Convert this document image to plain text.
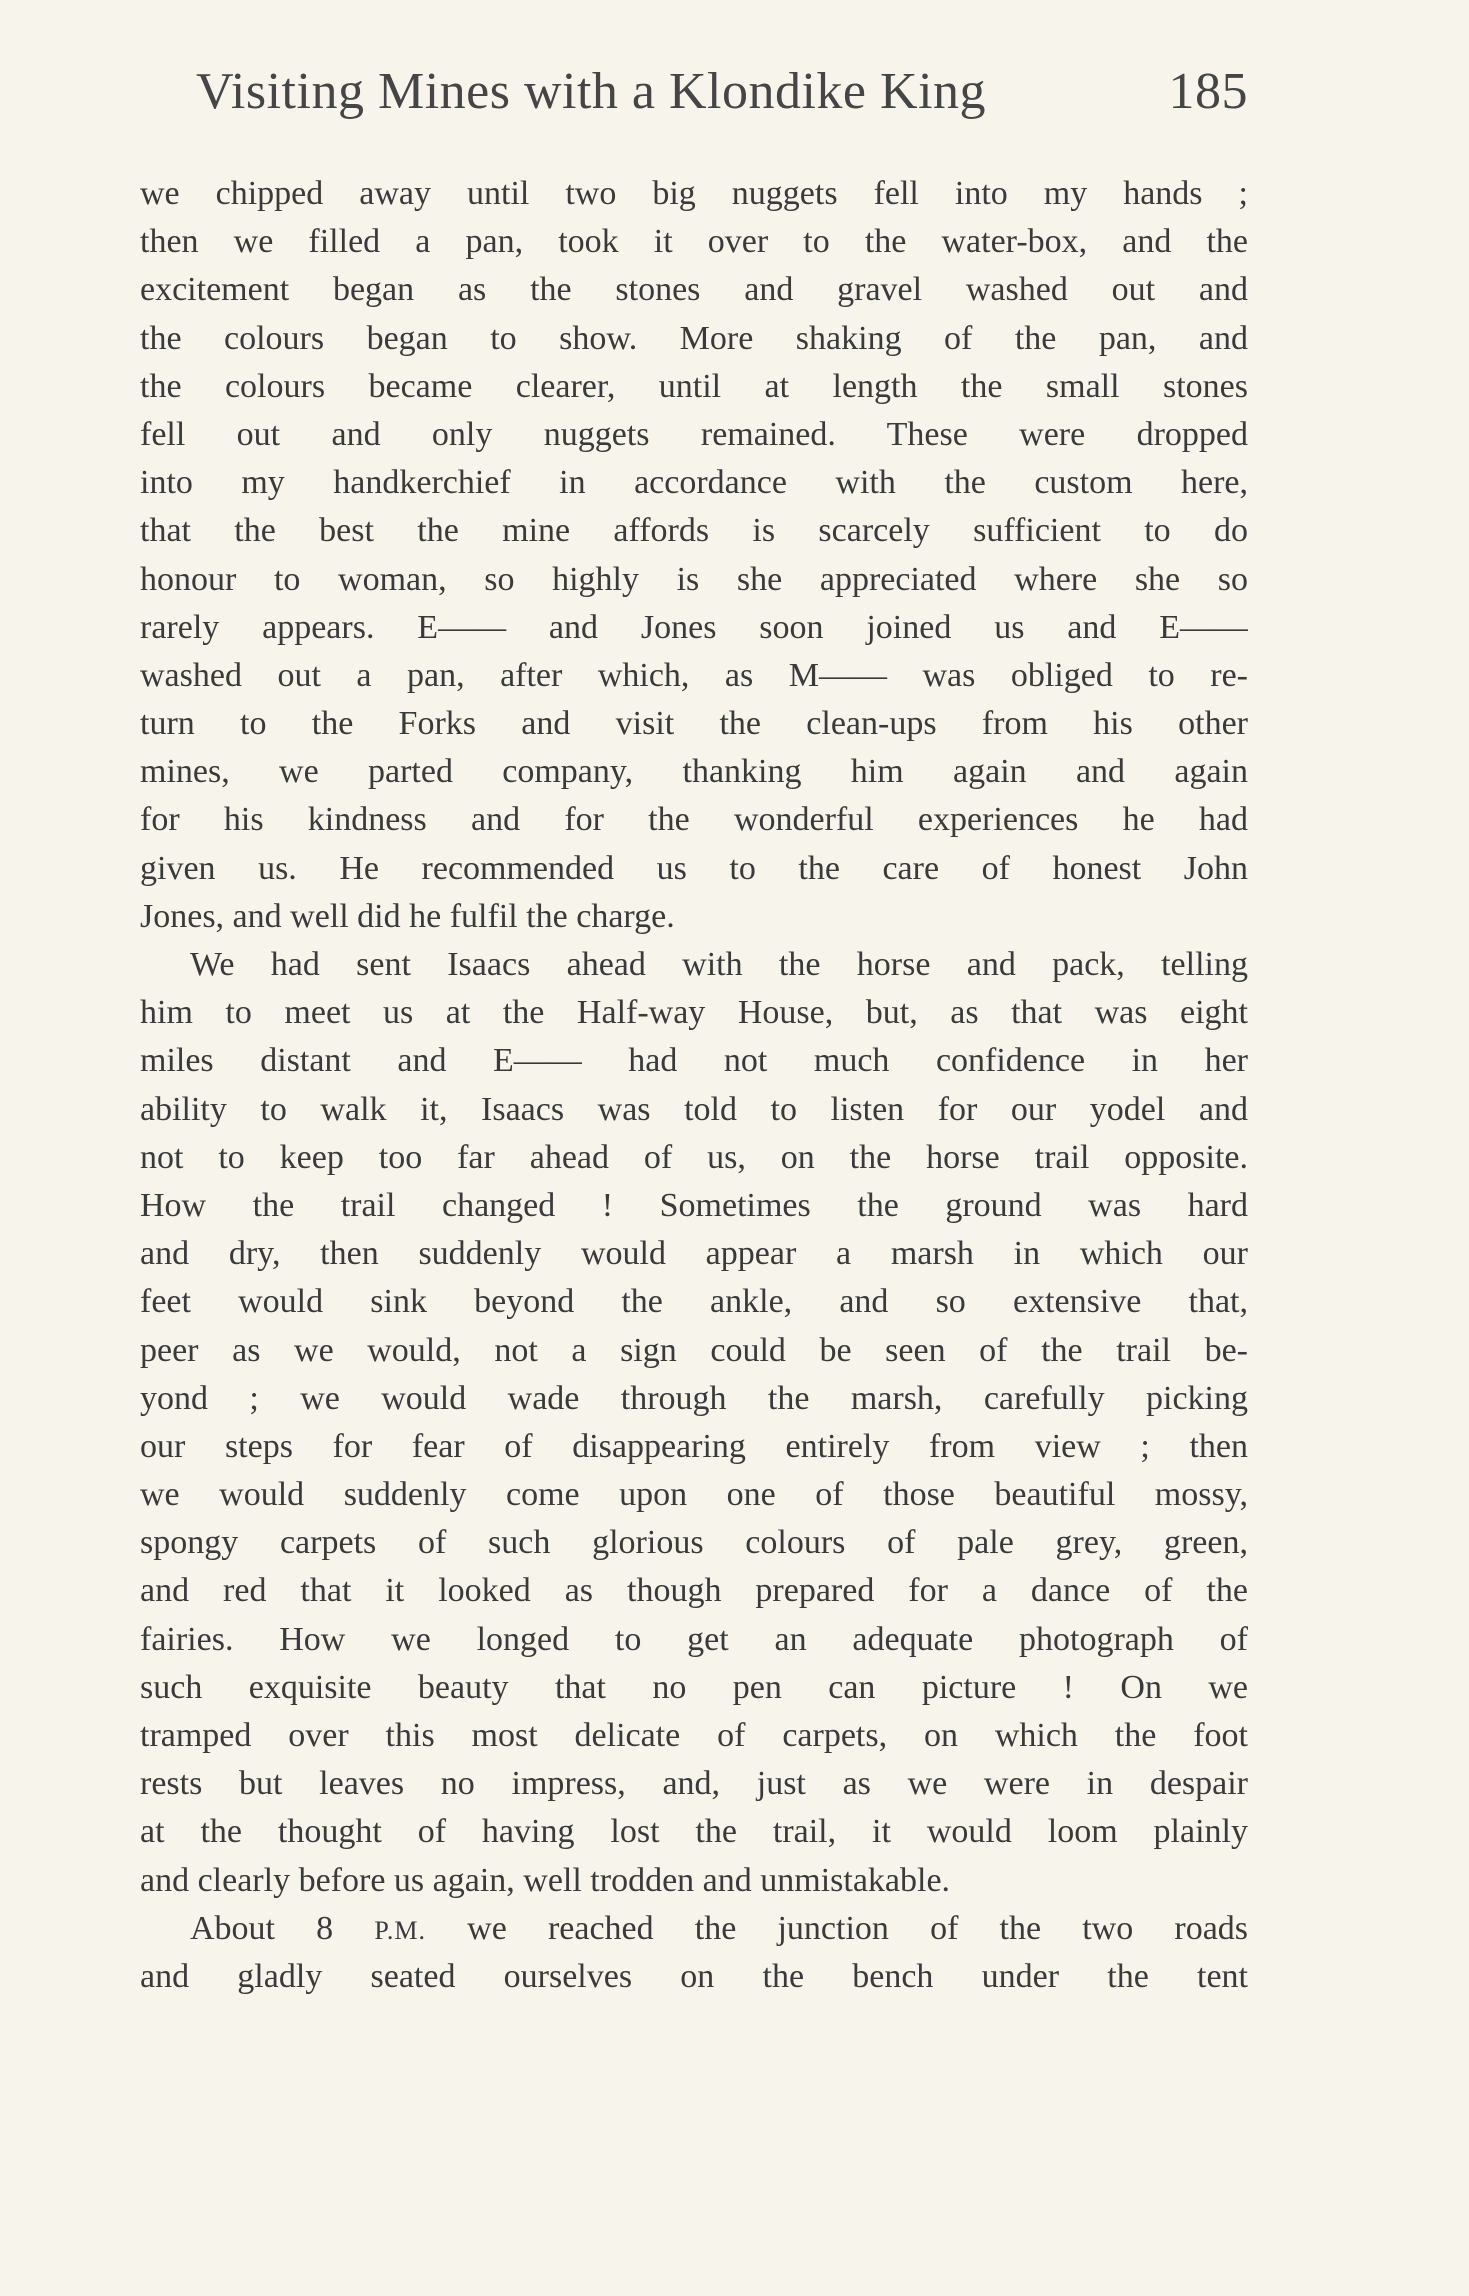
Visiting Mines with a Klondike King	185
we chipped away until two big nuggets fell into my hands ;
then we filled a pan, took it over to the water-box, and the
excitement began as the stones and gravel washed out and
the colours began to show. More shaking of the pan, and
the colours became clearer, until at length the small stones
fell out and only nuggets remained. These were dropped
into my handkerchief in accordance with the custom here,
that the best the mine affords is scarcely sufficient to do
honour to woman, so highly is she appreciated where she so
rarely appears. E—— and Jones soon joined us and E——
washed out a pan, after which, as M—— was obliged to re-
turn to the Forks and visit the clean-ups from his other
mines, we parted company, thanking him again and again
for his kindness and for the wonderful experiences he had
given us. He recommended us to the care of honest John
Jones, and well did he fulfil the charge.
We had sent Isaacs ahead with the horse and pack, telling
him to meet us at the Half-way House, but, as that was eight
miles distant and E—— had not much confidence in her
ability to walk it, Isaacs was told to listen for our yodel and
not to keep too far ahead of us, on the horse trail opposite.
How the trail changed ! Sometimes the ground was hard
and dry, then suddenly would appear a marsh in which our
feet would sink beyond the ankle, and so extensive that,
peer as we would, not a sign could be seen of the trail be-
yond ; we would wade through the marsh, carefully picking
our steps for fear of disappearing entirely from view ; then
we would suddenly come upon one of those beautiful mossy,
spongy carpets of such glorious colours of pale grey, green,
and red that it looked as though prepared for a dance of the
fairies. How we longed to get an adequate photograph of
such exquisite beauty that no pen can picture ! On we
tramped over this most delicate of carpets, on which the foot
rests but leaves no impress, and, just as we were in despair
at the thought of having lost the trail, it would loom plainly
and clearly before us again, well trodden and unmistakable.
About 8 P.M. we reached the junction of the two roads
and gladly seated ourselves on the bench under the tent
